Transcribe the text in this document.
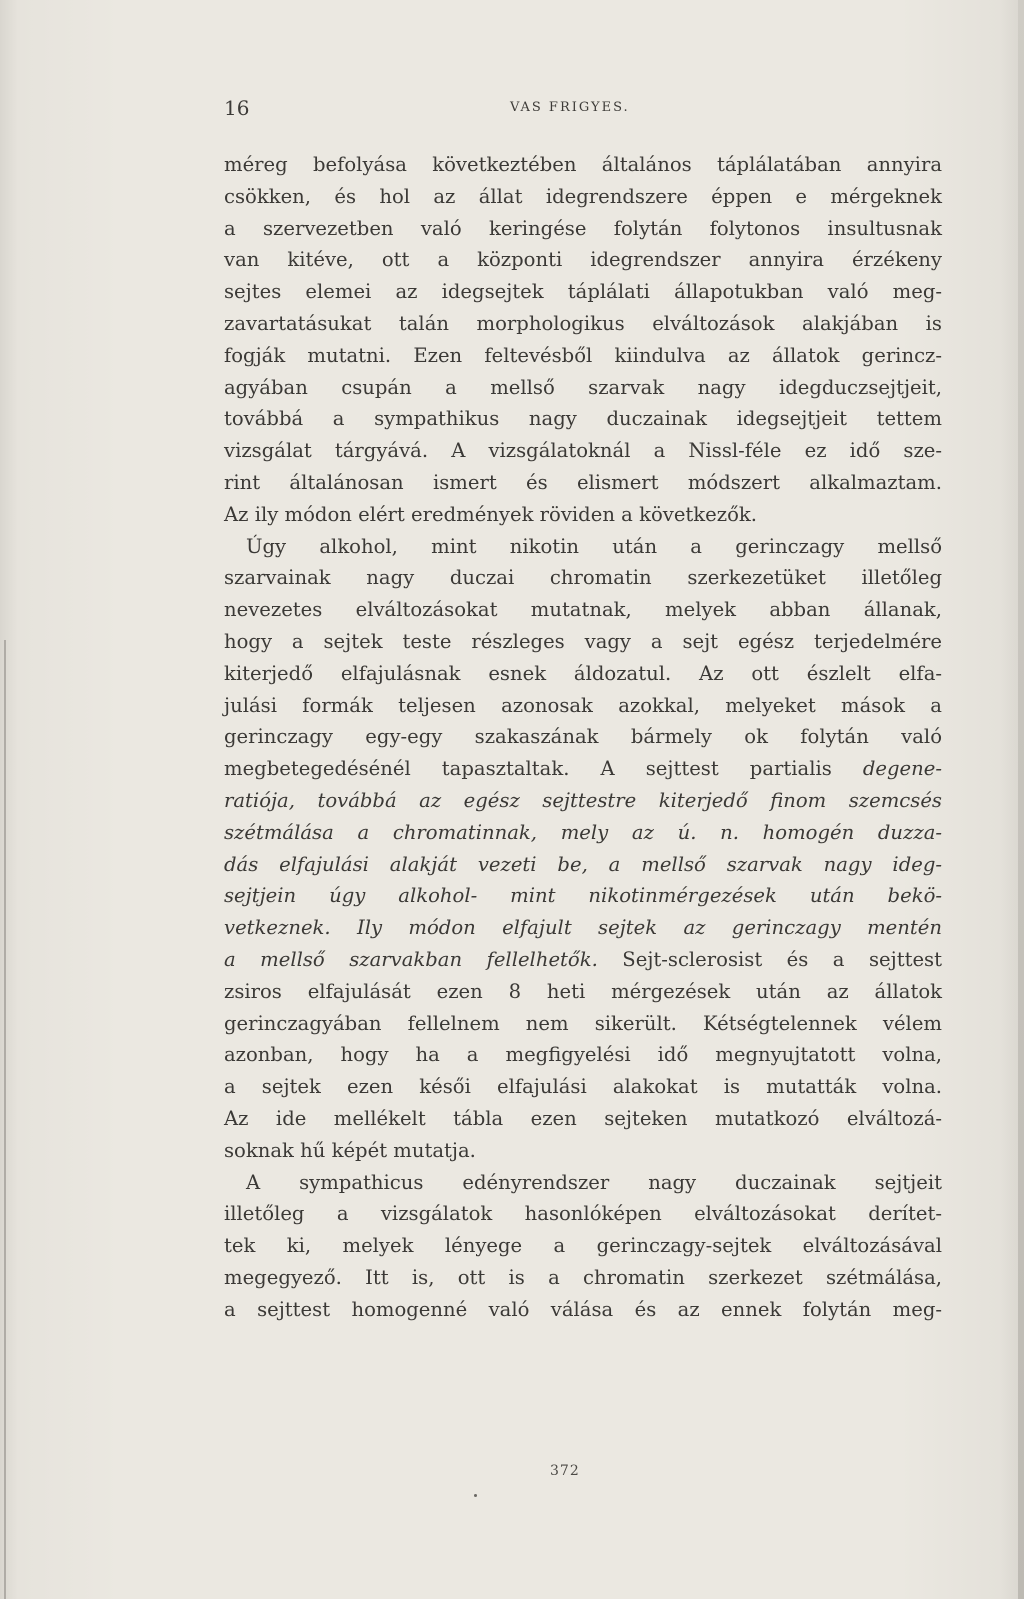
16	VAS FRIGYES.
méreg befolyása következtében általános táplálatában annyira
csökken, és hol az állat idegrendszere éppen e mérgeknek
a szervezetben való keringése folytán folytonos insultusnak
van kitéve, ott a központi idegrendszer annyira érzékeny
sejtes elemei az idegsejtek táplálati állapotukban való meg-
zavartatásukat talán morphologikus elváltozások alakjában is
fogják mutatni. Ezen feltevésből kiindulva az állatok gerincz-
agyában csupán a mellső szarvak nagy idegduczsejtjeit,
továbbá a sympathikus nagy duczainak idegsejtjeit tettem
vizsgálat tárgyává. A vizsgálatoknál a Nissl-féle ez idő sze-
rint általánosan ismert és elismert módszert alkalmaztam.
Az ily módon elért eredmények röviden a következők.
Úgy alkohol, mint nikotin után a gerinczagy mellső
szarvainak nagy duczai chromatin szerkezetüket illetőleg
nevezetes elváltozásokat mutatnak, melyek abban állanak,
hogy a sejtek teste részleges vagy a sejt egész terjedelmére
kiterjedő elfajulásnak esnek áldozatul. Az ott észlelt elfa-
julási formák teljesen azonosak azokkal, melyeket mások a
gerinczagy egy-egy szakaszának bármely ok folytán való
megbetegedésénél tapasztaltak. A sejttest partialis degene-
ratiója, továbbá az egész sejttestre kiterjedő finom szemcsés
szétmálása a chromatinnak, mely az ú. n. homogén duzza-
dás elfajulási alakját vezeti be, a mellső szarvak nagy ideg-
sejtjein úgy alkohol- mint nikotinmérgezések után bekö-
vetkeznek. Ily módon elfajult sejtek az gerinczagy mentén
a mellső szarvakban fellelhetők. Sejt-sclerosist és a sejttest
zsiros elfajulását ezen 8 heti mérgezések után az állatok
gerinczagyában fellelnem nem sikerült. Kétségtelennek vélem
azonban, hogy ha a megfigyelési idő megnyujtatott volna,
a sejtek ezen késői elfajulási alakokat is mutatták volna.
Az ide mellékelt tábla ezen sejteken mutatkozó elváltozá-
soknak hű képét mutatja.
A sympathicus edényrendszer nagy duczainak sejtjeit
illetőleg a vizsgálatok hasonlóképen elváltozásokat derítet-
tek ki, melyek lényege a gerinczagy-sejtek elváltozásával
megegyező. Itt is, ott is a chromatin szerkezet szétmálása,
a sejttest homogenné való válása és az ennek folytán meg-
372
